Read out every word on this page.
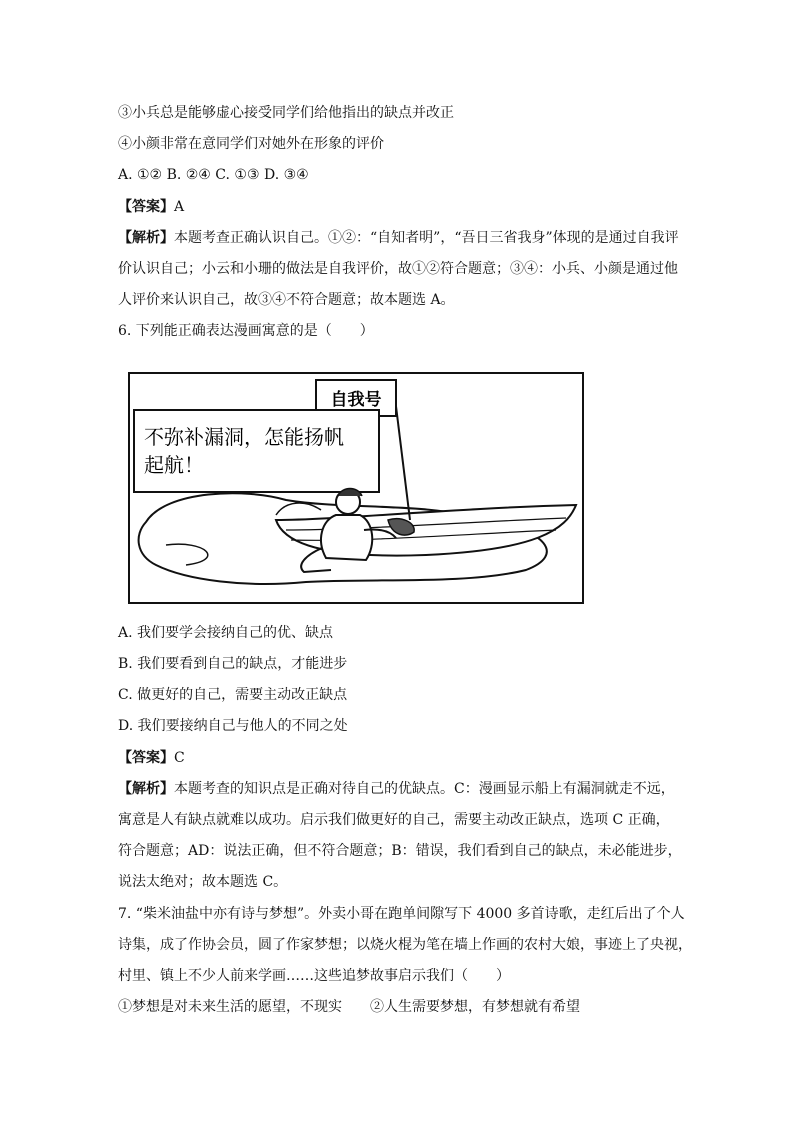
③小兵总是能够虚心接受同学们给他指出的缺点并改正
④小颜非常在意同学们对她外在形象的评价
A. ①② B. ②④ C. ①③ D. ③④
【答案】A
【解析】本题考查正确认识自己。①②：“自知者明”，“吾日三省我身”体现的是通过自我评
价认识自己；小云和小珊的做法是自我评价，故①②符合题意；③④：小兵、小颜是通过他
人评价来认识自己，故③④不符合题意；故本题选 A。
6. 下列能正确表达漫画寓意的是（　　）
自我号
不弥补漏洞，怎能扬帆
起航！
A. 我们要学会接纳自己的优、缺点
B. 我们要看到自己的缺点，才能进步
C. 做更好的自己，需要主动改正缺点
D. 我们要接纳自己与他人的不同之处
【答案】C
【解析】本题考查的知识点是正确对待自己的优缺点。C：漫画显示船上有漏洞就走不远，
寓意是人有缺点就难以成功。启示我们做更好的自己，需要主动改正缺点，选项 C 正确，
符合题意；AD：说法正确，但不符合题意；B：错误，我们看到自己的缺点，未必能进步，
说法太绝对；故本题选 C。
7. “柴米油盐中亦有诗与梦想”。外卖小哥在跑单间隙写下 4000 多首诗歌，走红后出了个人
诗集，成了作协会员，圆了作家梦想；以烧火棍为笔在墙上作画的农村大娘，事迹上了央视，
村里、镇上不少人前来学画……这些追梦故事启示我们（　　）
①梦想是对未来生活的愿望，不现实　　②人生需要梦想，有梦想就有希望
